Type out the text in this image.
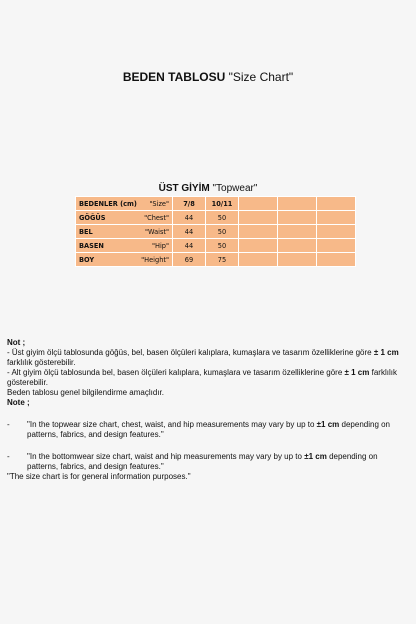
BEDEN TABLOSU "Size Chart"
ÜST GİYİM "Topwear"
BEDENLER (cm) "Size"	7/8	10/11			

GÖĞÜS "Chest"	44	50			

BEL "Waist"	44	50			

BASEN "Hip"	44	50			

BOY "Height"	69	75			

Not ;

- Üst giyim ölçü tablosunda göğüs, bel, basen ölçüleri kalıplara, kumaşlara ve tasarım özelliklerine göre ± 1 cm farklılık gösterebilir.

- Alt giyim ölçü tablosunda bel, basen ölçüleri kalıplara, kumaşlara ve tasarım özelliklerine göre ± 1 cm farklılık gösterebilir.

Beden tablosu genel bilgilendirme amaçlıdır.

Note ;

-	"In the topwear size chart, chest, waist, and hip measurements may vary by up to ±1 cm depending on patterns, fabrics, and design features."
-	"In the bottomwear size chart, waist and hip measurements may vary by up to ±1 cm depending on patterns, fabrics, and design features."

"The size chart is for general information purposes."
